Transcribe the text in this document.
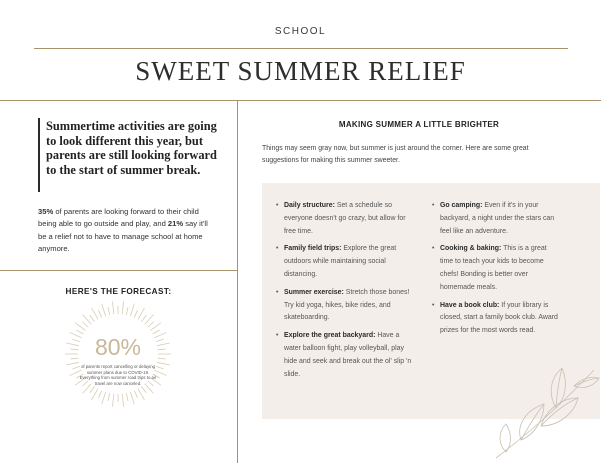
SCHOOL
SWEET SUMMER RELIEF
Summertime activities are going to look different this year, but parents are still looking forward to the start of summer break.
35% of parents are looking forward to their child being able to go outside and play, and 21% say it'll be a relief not to have to manage school at home anymore.
HERE'S THE FORECAST:
80%
of parents report cancelling or delaying summer plans due to COVID-19. Everything from summer road trips to air travel are now canceled.
MAKING SUMMER A LITTLE BRIGHTER
Things may seem gray now, but summer is just around the corner. Here are some great suggestions for making this summer sweeter.
• Daily structure: Set a schedule so everyone doesn't go crazy, but allow for free time.
• Family field trips: Explore the great outdoors while maintaining social distancing.
• Summer exercise: Stretch those bones! Try kid yoga, hikes, bike rides, and skateboarding.
• Explore the great backyard: Have a water balloon fight, play volleyball, play hide and seek and break out the ol' slip 'n slide.
• Go camping: Even if it's in your backyard, a night under the stars can feel like an adventure.
• Cooking & baking: This is a great time to teach your kids to become chefs! Bonding is better over homemade meals.
• Have a book club: If your library is closed, start a family book club. Award prizes for the most words read.
